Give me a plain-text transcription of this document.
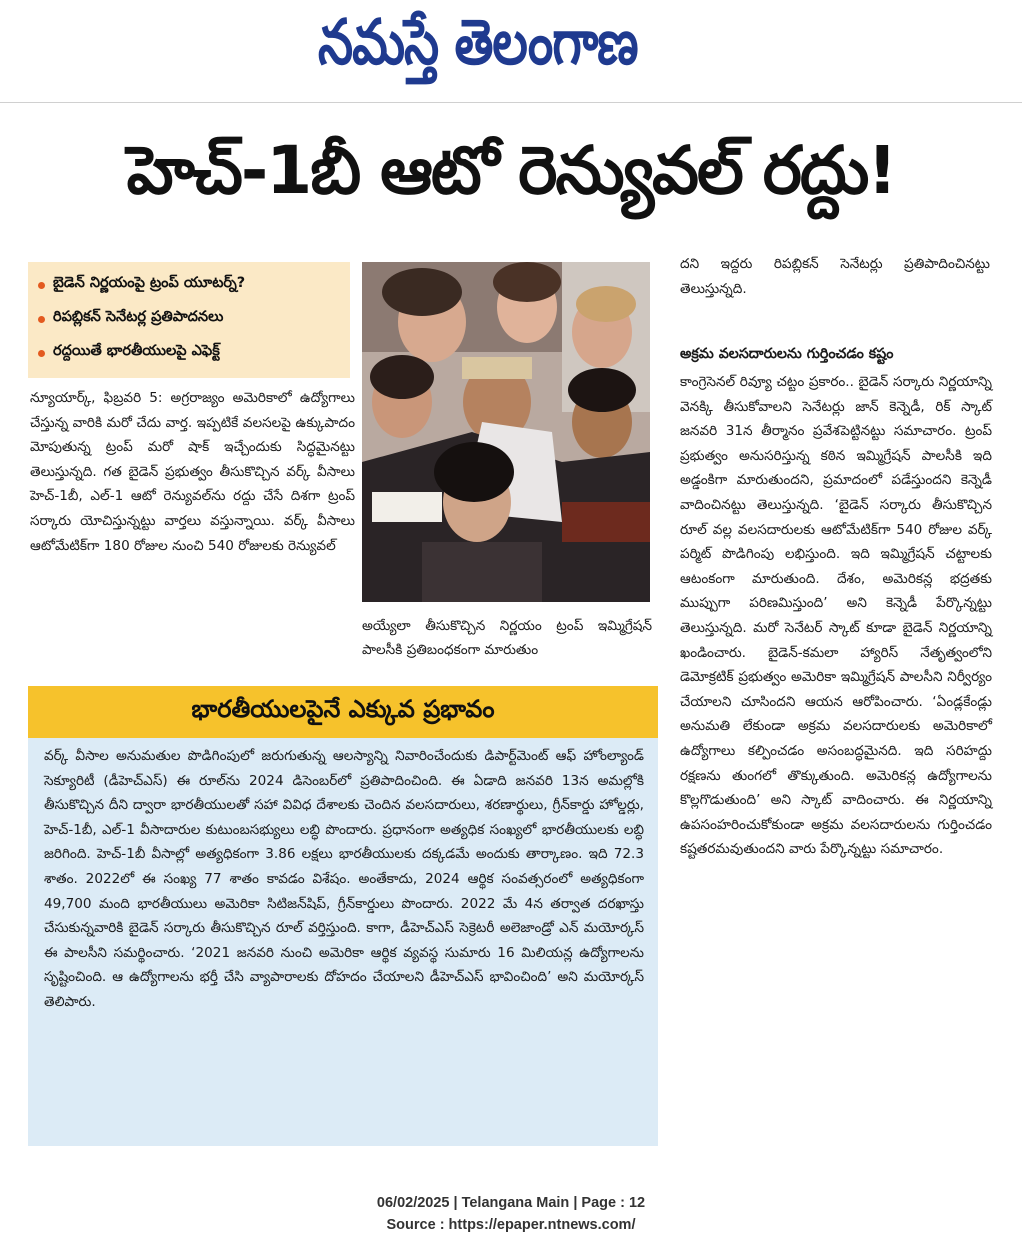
నమస్తే తెలంగాణ
హెచ్‌-1బీ ఆటో రెన్యువల్‌ రద్దు!
బైడెన్‌ నిర్ణయంపై ట్రంప్‌ యూటర్న్‌?
రిపబ్లికన్‌ సెనేటర్ల ప్రతిపాదనలు
రద్దయితే భారతీయులపై ఎఫెక్ట్‌
న్యూయార్క్‌, ఫిబ్రవరి 5: అగ్రరాజ్యం అమెరికాలో ఉద్యోగాలు చేస్తున్న వారికి మరో చేదు వార్త. ఇప్పటికే వలసలపై ఉక్కుపాదం మోపుతున్న ట్రంప్‌ మరో షాక్‌ ఇచ్చేందుకు సిద్ధమైనట్టు తెలుస్తున్నది. గత బైడెన్‌ ప్రభుత్వం తీసుకొచ్చిన వర్క్‌ వీసాలు హెచ్‌-1బీ, ఎల్‌-1 ఆటో రెన్యువల్‌ను రద్దు చేసే దిశగా ట్రంప్‌ సర్కారు యోచిస్తున్నట్టు వార్తలు వస్తున్నాయి. వర్క్‌ వీసాలు ఆటోమేటిక్‌గా 180 రోజుల నుంచి 540 రోజులకు రెన్యువల్‌
అయ్యేలా తీసుకొచ్చిన నిర్ణయం ట్రంప్‌ ఇమ్మిగ్రేషన్‌ పాలసీకి ప్రతిబంధకంగా మారుతుం
దని ఇద్దరు రిపబ్లికన్‌ సెనేటర్లు ప్రతిపాదించినట్టు తెలుస్తున్నది.
అక్రమ వలసదారులను గుర్తించడం కష్టం
కాంగ్రెసెనల్‌ రివ్యూ చట్టం ప్రకారం.. బైడెన్‌ సర్కారు నిర్ణయాన్ని వెనక్కి తీసుకోవాలని సెనేటర్లు జాన్‌ కెన్నెడీ, రిక్‌ స్కాట్‌ జనవరి 31న తీర్మానం ప్రవేశపెట్టినట్టు సమాచారం. ట్రంప్‌ ప్రభుత్వం అనుసరిస్తున్న కఠిన ఇమ్మిగ్రేషన్‌ పాలసీకి ఇది అడ్డంకిగా మారుతుందని, ప్రమాదంలో పడేస్తుందని కెన్నెడీ వాదించినట్టు తెలుస్తున్నది. ‘బైడెన్‌ సర్కారు తీసుకొచ్చిన రూల్‌ వల్ల వలసదారులకు ఆటోమేటిక్‌గా 540 రోజుల వర్క్‌ పర్మిట్‌ పొడిగింపు లభిస్తుంది. ఇది ఇమ్మిగ్రేషన్‌ చట్టాలకు ఆటంకంగా మారుతుంది. దేశం, అమెరికన్ల భద్రతకు ముప్పుగా పరిణమిస్తుంది’ అని కెన్నెడీ పేర్కొన్నట్టు తెలుస్తున్నది. మరో సెనేటర్‌ స్కాట్‌ కూడా బైడెన్‌ నిర్ణయాన్ని ఖండించారు. బైడెన్‌-కమలా హ్యారిస్‌ నేతృత్వంలోని డెమోక్రటిక్‌ ప్రభుత్వం అమెరికా ఇమ్మిగ్రేషన్‌ పాలసీని నిర్వీర్యం చేయాలని చూసిందని ఆయన ఆరోపించారు. ‘ఏండ్లకేండ్లు అనుమతి లేకుండా అక్రమ వలసదారులకు అమెరికాలో ఉద్యోగాలు కల్పించడం అసంబద్ధమైనది. ఇది సరిహద్దు రక్షణను తుంగలో తొక్కుతుంది. అమెరికన్ల ఉద్యోగాలను కొల్లగొడుతుంది’ అని స్కాట్‌ వాదించారు. ఈ నిర్ణయాన్ని ఉపసంహరించుకోకుండా అక్రమ వలసదారులను గుర్తించడం కష్టతరమవుతుందని వారు పేర్కొన్నట్టు సమాచారం.
భారతీయులపైనే ఎక్కువ ప్రభావం
వర్క్‌ వీసాల అనుమతుల పొడిగింపులో జరుగుతున్న ఆలస్యాన్ని నివారించేందుకు డిపార్ట్‌మెంట్‌ ఆఫ్‌ హోంల్యాండ్‌ సెక్యూరిటీ (డీహెచ్‌ఎస్‌) ఈ రూల్‌ను 2024 డిసెంబర్‌లో ప్రతిపాదించింది. ఈ ఏడాది జనవరి 13న అమల్లోకి తీసుకొచ్చిన దీని ద్వారా భారతీయులతో సహా వివిధ దేశాలకు చెందిన వలసదారులు, శరణార్థులు, గ్రీన్‌కార్డు హోల్డర్లు, హెచ్‌-1బీ, ఎల్‌-1 వీసాదారుల కుటుంబసభ్యులు లబ్ధి పొందారు. ప్రధానంగా అత్యధిక సంఖ్యలో భారతీయులకు లబ్ధి జరిగింది. హెచ్‌-1బీ వీసాల్లో అత్యధికంగా 3.86 లక్షలు భారతీయులకు దక్కడమే అందుకు తార్కాణం. ఇది 72.3 శాతం. 2022లో ఈ సంఖ్య 77 శాతం కావడం విశేషం. అంతేకాదు, 2024 ఆర్థిక సంవత్సరంలో అత్యధికంగా 49,700 మంది భారతీయులు అమెరికా సిటిజన్‌షిప్‌, గ్రీన్‌కార్డులు పొందారు. 2022 మే 4న తర్వాత దరఖాస్తు చేసుకున్నవారికి బైడెన్‌ సర్కారు తీసుకొచ్చిన రూల్‌ వర్తిస్తుంది. కాగా, డీహెచ్‌ఎస్‌ సెక్రెటరీ అలెజాండ్రో ఎన్‌ మయోర్కస్‌ ఈ పాలసీని సమర్థించారు. ‘2021 జనవరి నుంచి అమెరికా ఆర్థిక వ్యవస్థ సుమారు 16 మిలియన్ల ఉద్యోగాలను సృష్టించింది. ఆ ఉద్యోగాలను భర్తీ చేసి వ్యాపారాలకు దోహదం చేయాలని డీహెచ్‌ఎస్‌ భావించింది’ అని మయోర్కస్‌ తెలిపారు.
06/02/2025 | Telangana Main | Page : 12
Source : https://epaper.ntnews.com/
